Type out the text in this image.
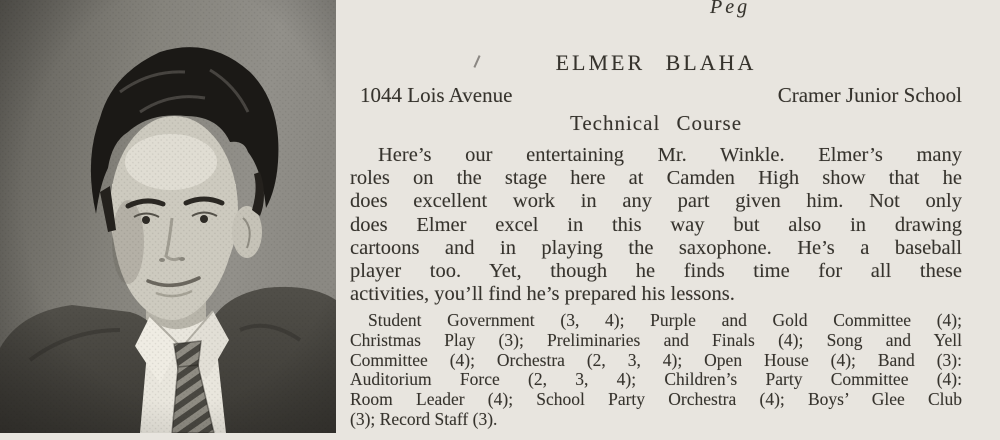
Peg
ELMER BLAHA
1044 Lois Avenue	Cramer Junior School
Technical Course
Here’s our entertaining Mr. Winkle. Elmer’s many
roles on the stage here at Camden High show that he
does excellent work in any part given him. Not only
does Elmer excel in this way but also in drawing
cartoons and in playing the saxophone. He’s a baseball
player too. Yet, though he finds time for all these
activities, you’ll find he’s prepared his lessons.
Student Government (3, 4); Purple and Gold Committee (4);
Christmas Play (3); Preliminaries and Finals (4); Song and Yell
Committee (4); Orchestra (2, 3, 4); Open House (4); Band (3):
Auditorium Force (2, 3, 4); Children’s Party Committee (4):
Room Leader (4); School Party Orchestra (4); Boys’ Glee Club
(3); Record Staff (3).
